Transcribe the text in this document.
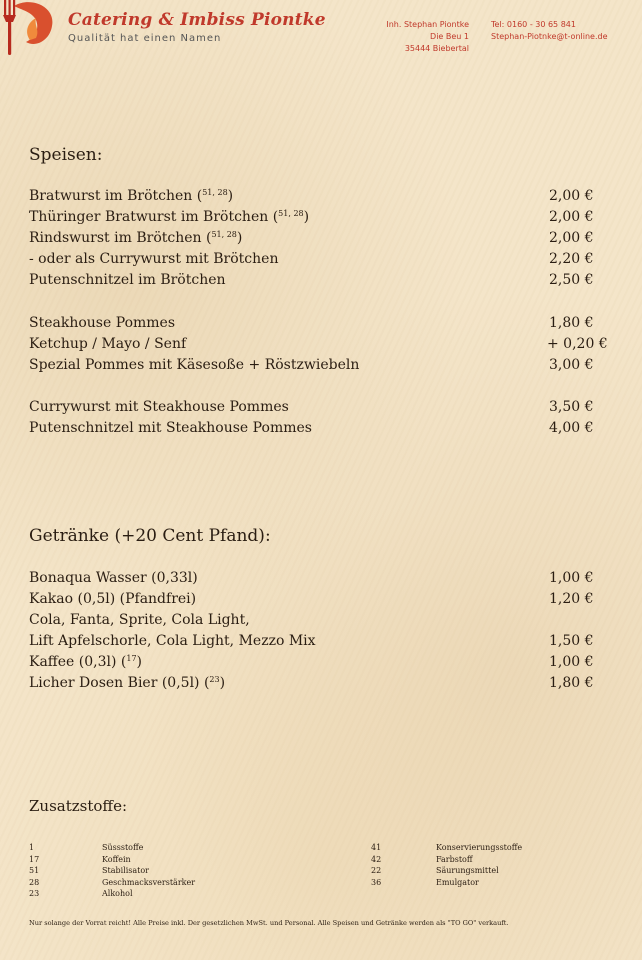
Catering & Imbiss Piontke
Qualität hat einen Namen
Inh. Stephan Piontke
Die Beu 1
35444 Biebertal
Tel: 0160 - 30 65 841
Stephan-Piotnke@t-online.de
Speisen:
Bratwurst im Brötchen ($^{51, 28}$)	2,00 €
Thüringer Bratwurst im Brötchen ($^{51, 28}$)	2,00 €
Rindswurst im Brötchen ($^{51, 28}$)	2,00 €
- oder als Currywurst mit Brötchen	2,20 €
Putenschnitzel im Brötchen	2,50 €
Steakhouse Pommes	1,80 €
Ketchup / Mayo / Senf	+ 0,20 €
Spezial Pommes mit Käsesoße + Röstzwiebeln	3,00 €
Currywurst mit Steakhouse Pommes	3,50 €
Putenschnitzel mit Steakhouse Pommes	4,00 €
Getränke (+20 Cent Pfand):
Bonaqua Wasser (0,33l)	1,00 €
Kakao (0,5l) (Pfandfrei)	1,20 €
Cola, Fanta, Sprite, Cola Light,
Lift Apfelschorle, Cola Light, Mezzo Mix	1,50 €
Kaffee (0,3l) ($^{17}$)	1,00 €
Licher Dosen Bier (0,5l) ($^{23}$)	1,80 €
Zusatzstoffe:
1	Süssstoffe
17	Koffein
51	Stabilisator
28	Geschmacksverstärker
23	Alkohol
41	Konservierungsstoffe
42	Farbstoff
22	Säurungsmittel
36	Emulgator
Nur solange der Vorrat reicht! Alle Preise inkl. Der gesetzlichen MwSt. und Personal. Alle Speisen und Getränke werden als "TO GO" verkauft.
